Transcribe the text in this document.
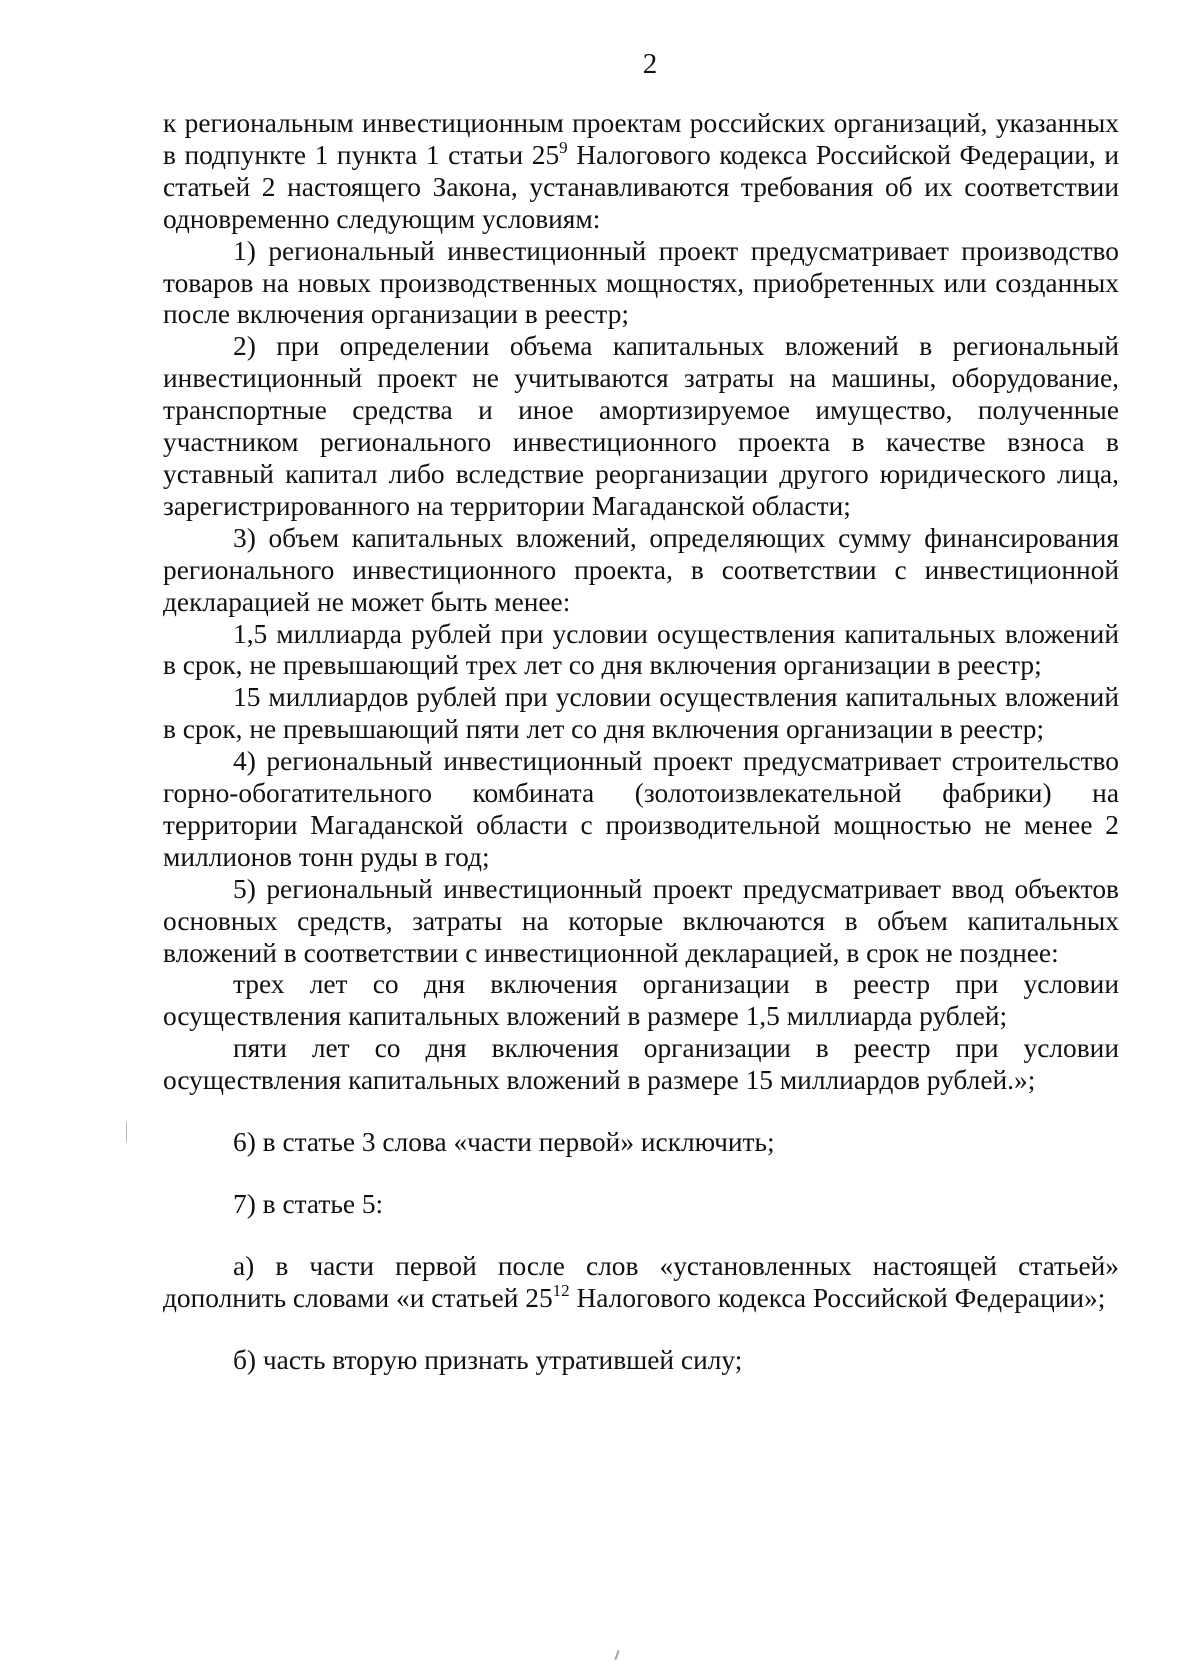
2

к региональным инвестиционным проектам российских организаций, указанных в подпункте 1 пункта 1 статьи $25^9$ Налогового кодекса Российской Федерации, и статьей 2 настоящего Закона, устанавливаются требования об их соответствии одновременно следующим условиям:

1) региональный инвестиционный проект предусматривает производство товаров на новых производственных мощностях, приобретенных или созданных после включения организации в реестр;

2) при определении объема капитальных вложений в региональный инвестиционный проект не учитываются затраты на машины, оборудование, транспортные средства и иное амортизируемое имущество, полученные участником регионального инвестиционного проекта в качестве взноса в уставный капитал либо вследствие реорганизации другого юридического лица, зарегистрированного на территории Магаданской области;

3) объем капитальных вложений, определяющих сумму финансирования регионального инвестиционного проекта, в соответствии с инвестиционной декларацией не может быть менее:

1,5 миллиарда рублей при условии осуществления капитальных вложений в срок, не превышающий трех лет со дня включения организации в реестр;

15 миллиардов рублей при условии осуществления капитальных вложений в срок, не превышающий пяти лет со дня включения организации в реестр;

4) региональный инвестиционный проект предусматривает строительство горно-обогатительного комбината (золотоизвлекательной фабрики) на территории Магаданской области с производительной мощностью не менее 2 миллионов тонн руды в год;

5) региональный инвестиционный проект предусматривает ввод объектов основных средств, затраты на которые включаются в объем капитальных вложений в соответствии с инвестиционной декларацией, в срок не позднее:

трех лет со дня включения организации в реестр при условии осуществления капитальных вложений в размере 1,5 миллиарда рублей;

пяти лет со дня включения организации в реестр при условии осуществления капитальных вложений в размере 15 миллиардов рублей.»;

6) в статье 3 слова «части первой» исключить;

7) в статье 5:

а) в части первой после слов «установленных настоящей статьей» дополнить словами «и статьей $25^{12}$ Налогового кодекса Российской Федерации»;

б) часть вторую признать утратившей силу;
